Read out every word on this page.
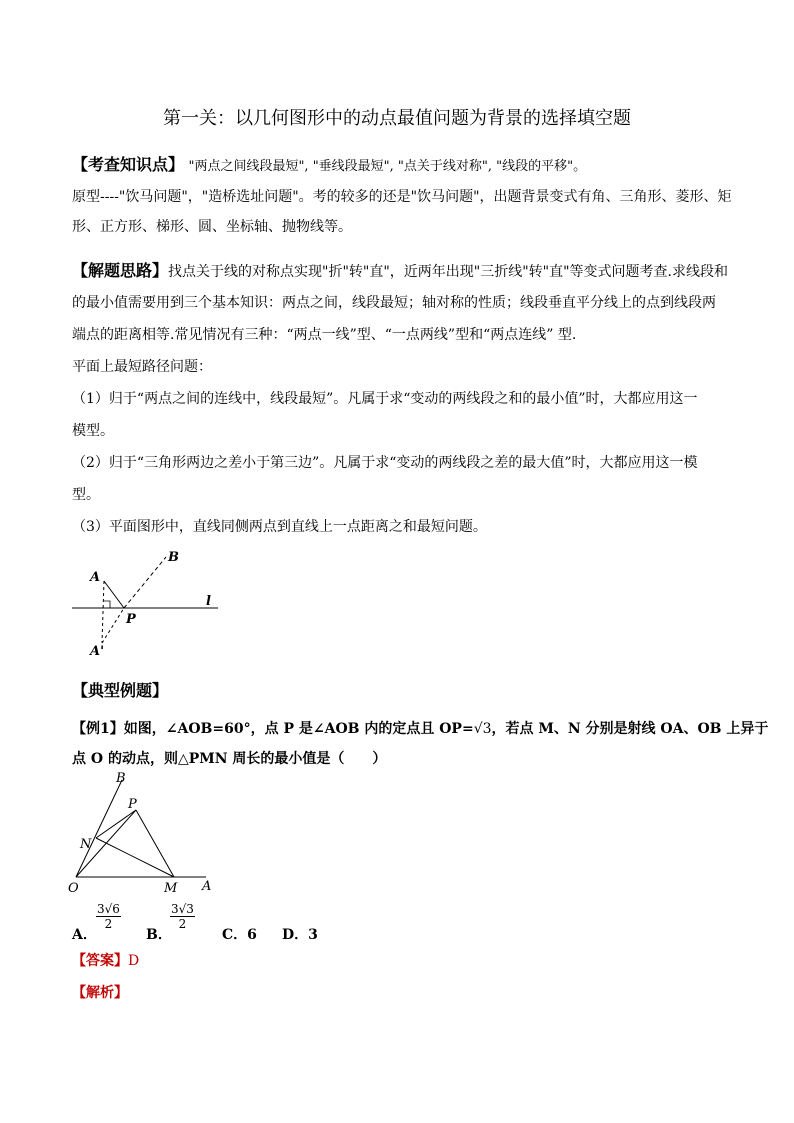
第一关：以几何图形中的动点最值问题为背景的选择填空题
【考查知识点】 "两点之间线段最短", "垂线段最短", "点关于线对称", "线段的平移"。
原型----"饮马问题"，"造桥选址问题"。考的较多的还是"饮马问题"，出题背景变式有角、三角形、菱形、矩
形、正方形、梯形、圆、坐标轴、抛物线等。
【解题思路】找点关于线的对称点实现"折"转"直"，近两年出现"三折线"转"直"等变式问题考查.求线段和
的最小值需要用到三个基本知识：两点之间，线段最短；轴对称的性质；线段垂直平分线上的点到线段两
端点的距离相等.常见情况有三种：“两点一线”型、“一点两线”型和“两点连线” 型.
平面上最短路径问题：
（1）归于“两点之间的连线中，线段最短”。凡属于求“变动的两线段之和的最小值”时，大都应用这一
模型。
（2）归于“三角形两边之差小于第三边”。凡属于求“变动的两线段之差的最大值”时，大都应用这一模
型。
（3）平面图形中，直线同侧两点到直线上一点距离之和最短问题。
A
B
l
P
A'
【典型例题】
【例1】如图，∠AOB=60°，点 P 是∠AOB 内的定点且 OP=√3，若点 M、N 分别是射线 OA、OB 上异于
点 O 的动点，则△PMN 周长的最小值是（　　）
B
P
N
O	M A
A．
$\frac{3√6}{2}$
B．
$\frac{3√3}{2}$
C．6 D．3
【答案】D
【解析】
